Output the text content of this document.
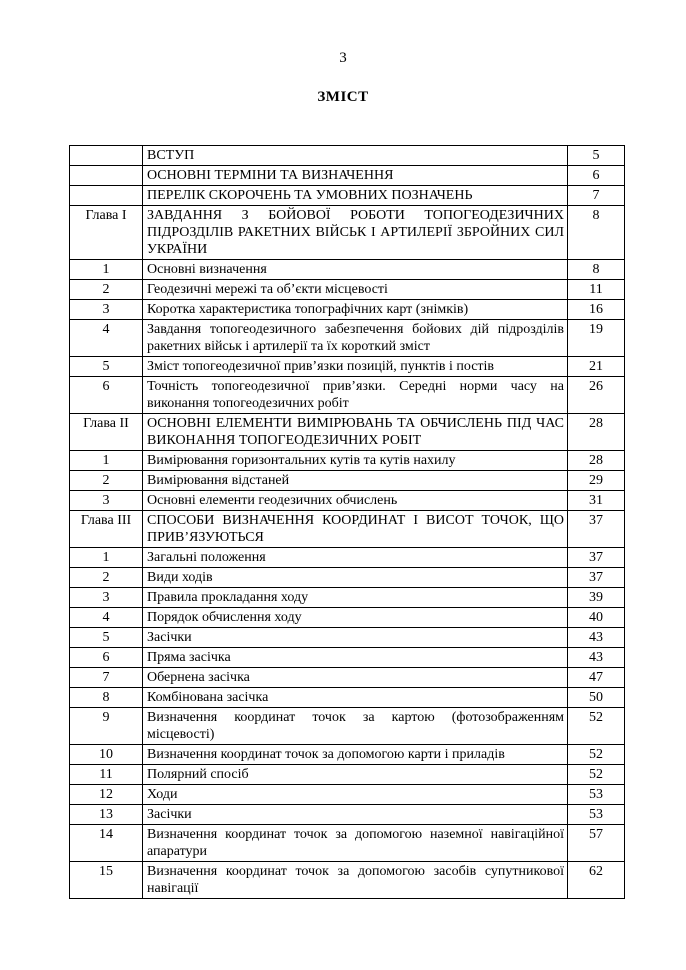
3
ЗМІСТ
	ВСТУП	5
	ОСНОВНІ ТЕРМІНИ ТА ВИЗНАЧЕННЯ	6
	ПЕРЕЛІК СКОРОЧЕНЬ ТА УМОВНИХ ПОЗНАЧЕНЬ	7
Глава І	ЗАВДАННЯ З БОЙОВОЇ РОБОТИ ТОПОГЕОДЕЗИЧНИХ ПІДРОЗДІЛІВ РАКЕТНИХ ВІЙСЬК І АРТИЛЕРІЇ ЗБРОЙНИХ СИЛ УКРАЇНИ	8
1	Основні визначення	8
2	Геодезичні мережі та об’єкти місцевості	11
3	Коротка характеристика топографічних карт (знімків)	16
4	Завдання топогеодезичного забезпечення бойових дій підрозділів ракетних військ і артилерії та їх короткий зміст	19
5	Зміст топогеодезичної прив’язки позицій, пунктів і постів	21
6	Точність топогеодезичної прив’язки. Середні норми часу на виконання топогеодезичних робіт	26
Глава ІІ	ОСНОВНІ ЕЛЕМЕНТИ ВИМІРЮВАНЬ ТА ОБЧИСЛЕНЬ ПІД ЧАС ВИКОНАННЯ ТОПОГЕОДЕЗИЧНИХ РОБІТ	28
1	Вимірювання горизонтальних кутів та кутів нахилу	28
2	Вимірювання відстаней	29
3	Основні елементи геодезичних обчислень	31
Глава ІІІ	СПОСОБИ ВИЗНАЧЕННЯ КООРДИНАТ І ВИСОТ ТОЧОК, ЩО ПРИВ’ЯЗУЮТЬСЯ	37
1	Загальні положення	37
2	Види ходів	37
3	Правила прокладання ходу	39
4	Порядок обчислення ходу	40
5	Засічки	43
6	Пряма засічка	43
7	Обернена засічка	47
8	Комбінована засічка	50
9	Визначення координат точок за картою (фотозображенням місцевості)	52
10	Визначення координат точок за допомогою карти і приладів	52
11	Полярний спосіб	52
12	Ходи	53
13	Засічки	53
14	Визначення координат точок за допомогою наземної навігаційної апаратури	57
15	Визначення координат точок за допомогою засобів супутникової навігації	62
